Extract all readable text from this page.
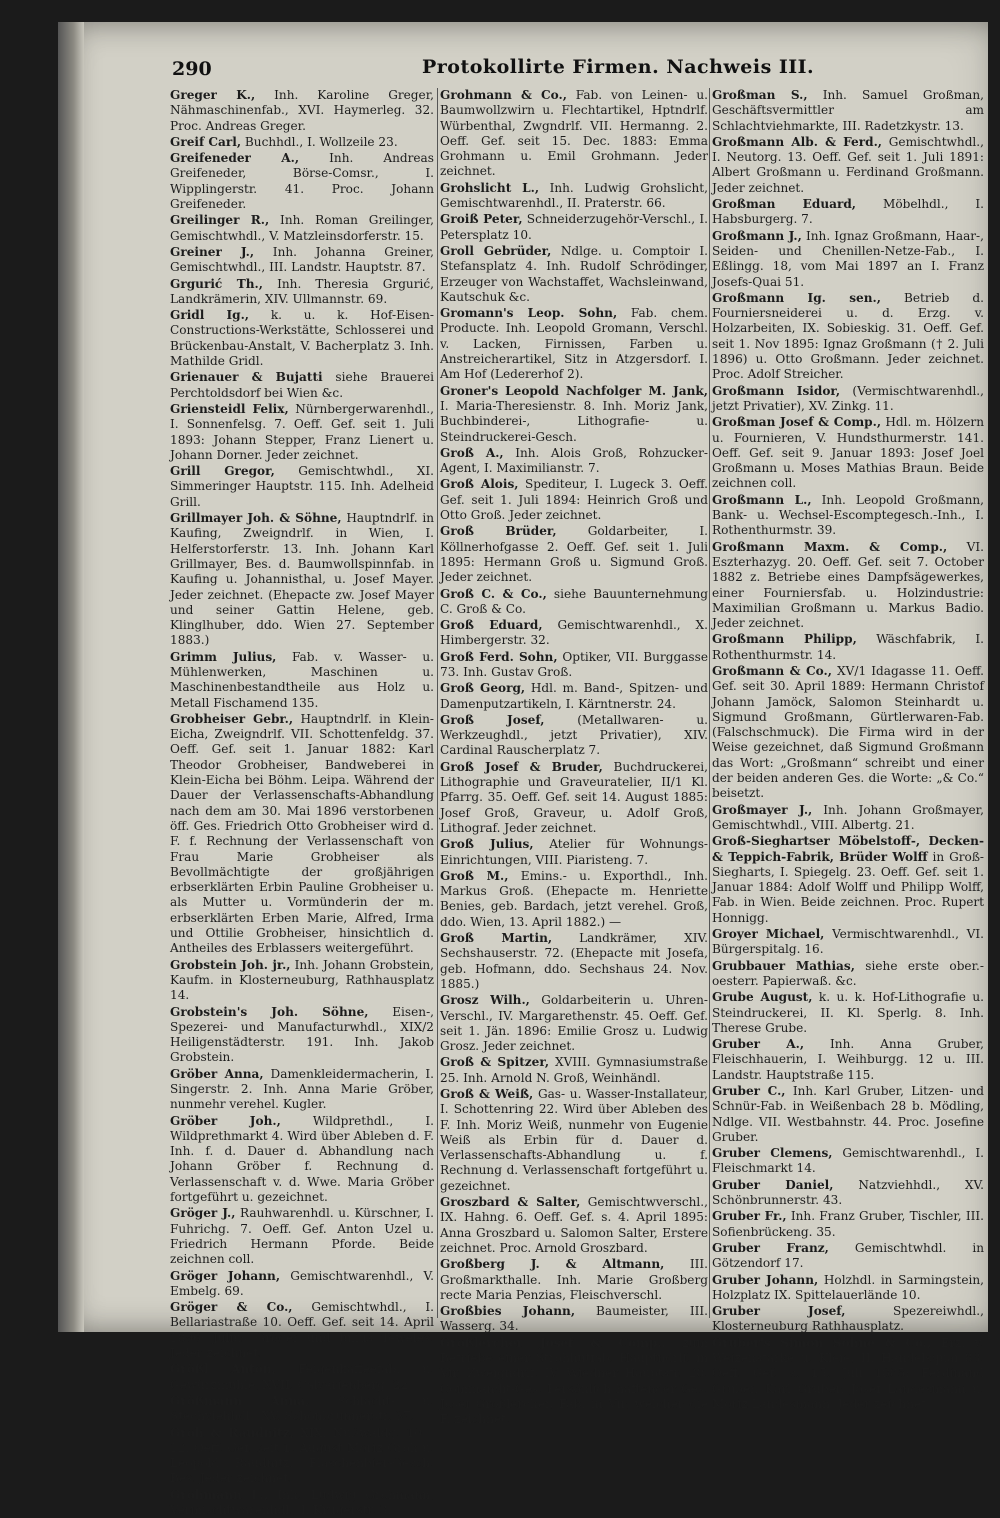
290	Protokollirte Firmen. Nachweis III.

Greger K., Inh. Karoline Greger, Nähmaschinenfab., XVI. Haymerleg. 32. Proc. Andreas Greger.

Greif Carl, Buchhdl., I. Wollzeile 23.

Greifeneder A., Inh. Andreas Greifeneder, Börse-Comsr., I. Wipplingerstr. 41. Proc. Johann Greifeneder.

Greilinger R., Inh. Roman Greilinger, Gemischtwhdl., V. Matzleinsdorferstr. 15.

Greiner J., Inh. Johanna Greiner, Gemischtwhdl., III. Landstr. Hauptstr. 87.

Grgurić Th., Inh. Theresia Grgurić, Landkrämerin, XIV. Ullmannstr. 69.

Gridl Ig., k. u. k. Hof-Eisen-Constructions-Werkstätte, Schlosserei und Brückenbau-Anstalt, V. Bacherplatz 3. Inh. Mathilde Gridl.

Grienauer & Bujatti siehe Brauerei Perchtoldsdorf bei Wien &c.

Griensteidl Felix, Nürnbergerwarenhdl., I. Sonnenfelsg. 7. Oeff. Gef. seit 1. Juli 1893: Johann Stepper, Franz Lienert u. Johann Dorner. Jeder zeichnet.

Grill Gregor, Gemischtwhdl., XI. Simmeringer Hauptstr. 115. Inh. Adelheid Grill.

Grillmayer Joh. & Söhne, Hauptndrlf. in Kaufing, Zweigndrlf. in Wien, I. Helferstorferstr. 13. Inh. Johann Karl Grillmayer, Bes. d. Baumwollspinnfab. in Kaufing u. Johannisthal, u. Josef Mayer. Jeder zeichnet. (Ehepacte zw. Josef Mayer und seiner Gattin Helene, geb. Klinglhuber, ddo. Wien 27. September 1883.)

Grimm Julius, Fab. v. Wasser- u. Mühlenwerken, Maschinen u. Maschinenbestandtheile aus Holz u. Metall Fischamend 135.

Grobheiser Gebr., Hauptndrlf. in Klein-Eicha, Zweigndrlf. VII. Schottenfeldg. 37. Oeff. Gef. seit 1. Januar 1882: Karl Theodor Grobheiser, Bandweberei in Klein-Eicha bei Böhm. Leipa. Während der Dauer der Verlassenschafts-Abhandlung nach dem am 30. Mai 1896 verstorbenen öff. Ges. Friedrich Otto Grobheiser wird d. F. f. Rechnung der Verlassenschaft von Frau Marie Grobheiser als Bevollmächtigte der großjährigen erbserklärten Erbin Pauline Grobheiser u. als Mutter u. Vormünderin der m. erbserklärten Erben Marie, Alfred, Irma und Ottilie Grobheiser, hinsichtlich d. Antheiles des Erblassers weitergeführt.

Grobstein Joh. jr., Inh. Johann Grobstein, Kaufm. in Klosterneuburg, Rathhausplatz 14.

Grobstein's Joh. Söhne, Eisen-, Spezerei- und Manufacturwhdl., XIX/2 Heiligenstädterstr. 191. Inh. Jakob Grobstein.

Gröber Anna, Damenkleidermacherin, I. Singerstr. 2. Inh. Anna Marie Gröber, nunmehr verehel. Kugler.

Gröber Joh.,	Wildprethdl., I. Wildprethmarkt 4. Wird über Ableben d. F. Inh. f. d. Dauer d. Abhandlung nach Johann Gröber f. Rechnung d. Verlassenschaft v. d. Wwe. Maria Gröber fortgeführt u. gezeichnet.

Gröger J., Rauhwarenhdl. u. Kürschner, I. Fuhrichg. 7. Oeff. Gef. Anton Uzel u. Friedrich Hermann Pforde. Beide zeichnen coll.

Gröger Johann, Gemischtwarenhdl., V. Embelg. 69.

Gröger & Co., Gemischtwhdl., I. Bellariastraße 10. Oeff. Gef. seit 14. April 1896: Julius Gröger und Julius Teweles. Jeder zeichnet.

Größl Anton, Feigenkaffeefab. u. Gewürzmühle, XVII. Calvarienberg. 22.

Größmann Anna, Schlacht- u. Stechviehhdl., XV. Schönbrunnerstr. 37.

Groh & Raudnitz, XIX. Nußwaldg. 10—12. Oeff. Gef. seit 1. August Moriz Groh u. Leopold Raudnitz, Flaschenbier-Gesch. Bes. Jeder zeichnet.

Grohmann L., Inh. Ludwig Grohmann, Vermischtwarenhdl., I. Krugerstr. 3.

Grohmann & Co., Fab. von Leinen- u. Baumwollzwirn u. Flechtartikel, Hptndrlf. Würbenthal, Zwgndrlf. VII. Hermanng. 2. Oeff. Gef. seit 15. Dec. 1883: Emma Grohmann u. Emil Grohmann. Jeder zeichnet.

Grohslicht L., Inh. Ludwig Grohslicht, Gemischtwarenhdl., II. Praterstr. 66.

Groiß Peter, Schneiderzugehör-Verschl., I. Petersplatz 10.

Groll Gebrüder, Ndlge. u. Comptoir I. Stefansplatz 4. Inh. Rudolf Schrödinger, Erzeuger von Wachstaffet, Wachsleinwand, Kautschuk &c.

Gromann's Leop. Sohn, Fab. chem. Producte. Inh. Leopold Gromann, Verschl. v. Lacken, Firnissen, Farben u. Anstreicherartikel, Sitz in Atzgersdorf. I. Am Hof (Ledererhof 2).

Groner's Leopold Nachfolger M. Jank, I. Maria-Theresienstr. 8. Inh. Moriz Jank, Buchbinderei-, Lithografie- u. Steindruckerei-Gesch.

Groß A., Inh. Alois Groß, Rohzucker-Agent, I. Maximilianstr. 7.

Groß Alois, Spediteur, I. Lugeck 3. Oeff. Gef. seit 1. Juli 1894: Heinrich Groß und Otto Groß. Jeder zeichnet.

Groß Brüder,	Goldarbeiter, I. Köllnerhofgasse 2. Oeff. Gef. seit 1. Juli 1895: Hermann Groß u. Sigmund Groß. Jeder zeichnet.

Groß C. & Co., siehe Bauunternehmung C. Groß & Co.

Groß Eduard, Gemischtwarenhdl., X. Himbergerstr. 32.

Groß Ferd. Sohn, Optiker, VII. Burggasse 73. Inh. Gustav Groß.

Groß Georg, Hdl. m. Band-, Spitzen- und Damenputzartikeln, I. Kärntnerstr. 24.

Groß Josef,	(Metallwaren- u. Werkzeughdl., jetzt Privatier), XIV. Cardinal Rauscherplatz 7.

Groß Josef & Bruder, Buchdruckerei, Lithographie und Graveuratelier, II/1 Kl. Pfarrg. 35. Oeff. Gef. seit 14. August 1885: Josef Groß, Graveur, u. Adolf Groß, Lithograf. Jeder zeichnet.

Groß Julius, Atelier für Wohnungs-Einrichtungen, VIII. Piaristeng. 7.

Groß M., Emins.- u. Exporthdl., Inh. Markus Groß. (Ehepacte m. Henriette Benies, geb. Bardach, jetzt verehel. Groß, ddo. Wien, 13. April 1882.) —

Groß Martin, Landkrämer, XIV. Sechshauserstr. 72. (Ehepacte mit Josefa, geb. Hofmann, ddo. Sechshaus 24. Nov. 1885.)

Grosz Wilh., Goldarbeiterin u. Uhren-Verschl., IV. Margarethenstr. 45. Oeff. Gef. seit 1. Jän. 1896: Emilie Grosz u. Ludwig Grosz. Jeder zeichnet.

Groß & Spitzer, XVIII. Gymnasiumstraße 25. Inh. Arnold N. Groß, Weinhändl.

Groß & Weiß, Gas- u. Wasser-Installateur, I. Schottenring 22. Wird über Ableben des F. Inh. Moriz Weiß, nunmehr von Eugenie Weiß als Erbin für d. Dauer d. Verlassenschafts-Abhandlung u. f. Rechnung d. Verlassenschaft fortgeführt u. gezeichnet.

Groszbard & Salter, Gemischtwverschl., IX. Hahng. 6. Oeff. Gef. s. 4. April 1895: Anna Groszbard u. Salomon Salter, Erstere zeichnet. Proc. Arnold Groszbard.

Großberg J. & Altmann, III. Großmarkthalle. Inh. Marie Großberg recte Maria Penzias, Fleischverschl.

Großbies Johann, Baumeister, III. Wasserg. 34.

Großlercher Josef & Comp., zum Betriebe einer Strohhutfab. Hauptndrlf. in Vir, Zweigndrlf. IV. Wiedner Hauptstr. 20. Commandit-Ges. Persönlich haftender Ges. Josef Großlercher, Fab. in Vir, welcher die F. zeichnet.

Großman S., Inh. Samuel Großman, Geschäftsvermittler am Schlachtviehmarkte, III. Radetzkystr. 13.

Großmann Alb. & Ferd., Gemischtwhdl., I. Neutorg. 13. Oeff. Gef. seit 1. Juli 1891: Albert Großmann u. Ferdinand Großmann. Jeder zeichnet.

Großman Eduard, Möbelhdl., I. Habsburgerg. 7.

Großmann J., Inh. Ignaz Großmann, Haar-, Seiden- und Chenillen-Netze-Fab., I. Eßlingg. 18, vom Mai 1897 an I. Franz Josefs-Quai 51.

Großmann Ig. sen., Betrieb d. Fourniersneiderei u. d. Erzg. v. Holzarbeiten, IX. Sobieskig. 31. Oeff. Gef. seit 1. Nov 1895: Ignaz Großmann († 2. Juli 1896) u. Otto Großmann. Jeder zeichnet. Proc. Adolf Streicher.

Großmann Isidor, (Vermischtwarenhdl., jetzt Privatier), XV. Zinkg. 11.

Großman Josef & Comp., Hdl. m. Hölzern u. Fournieren, V. Hundsthurmerstr. 141. Oeff. Gef. seit 9. Januar 1893: Josef Joel Großmann u. Moses Mathias Braun. Beide zeichnen coll.

Großmann L., Inh. Leopold Großmann, Bank- u. Wechsel-Escomptegesch.-Inh., I. Rothenthurmstr. 39.

Großmann Maxm. & Comp., VI. Eszterhazyg. 20. Oeff. Gef. seit 7. October 1882 z. Betriebe eines Dampfsägewerkes, einer Fourniersfab. u. Holzindustrie: Maximilian Großmann u. Markus Badio. Jeder zeichnet.

Großmann Philipp, Wäschfabrik, I. Rothenthurmstr. 14.

Großmann & Co., XV/1 Idagasse 11. Oeff. Gef. seit 30. April 1889: Hermann Christof Johann Jamöck, Salomon Steinhardt u. Sigmund Großmann, Gürtlerwaren-Fab. (Falschschmuck). Die Firma wird in der Weise gezeichnet, daß Sigmund Großmann das Wort: „Großmann“ schreibt und einer der beiden anderen Ges. die Worte: „& Co.“ beisetzt.

Großmayer J., Inh. Johann Großmayer, Gemischtwhdl., VIII. Albertg. 21.

Groß-Sieghartser Möbelstoff-, Decken- & Teppich-Fabrik, Brüder Wolff in Groß-Siegharts, I. Spiegelg. 23. Oeff. Gef. seit 1. Januar 1884: Adolf Wolff und Philipp Wolff, Fab. in Wien. Beide zeichnen. Proc. Rupert Honnigg.

Groyer Michael, Vermischtwarenhdl., VI. Bürgerspitalg. 16.

Grubbauer Mathias, siehe erste ober.-oesterr. Papierwaß. &c.

Grube August, k. u. k. Hof-Lithografie u. Steindruckerei, II. Kl. Sperlg. 8. Inh. Therese Grube.

Gruber A., Inh. Anna Gruber, Fleischhauerin, I. Weihburgg. 12 u. III. Landstr. Hauptstraße 115.

Gruber C., Inh. Karl Gruber, Litzen- und Schnür-Fab. in Weißenbach 28 b. Mödling, Ndlge. VII. Westbahnstr. 44. Proc. Josefine Gruber.

Gruber Clemens, Gemischtwarenhdl., I. Fleischmarkt 14.

Gruber Daniel, Natzviehhdl., XV. Schönbrunnerstr. 43.

Gruber Fr., Inh. Franz Gruber, Tischler, III. Sofienbrückeng. 35.

Gruber Franz, Gemischtwhdl. in Götzendorf 17.

Gruber Johann, Holzhdl. in Sarmingstein, Holzplatz IX. Spittelauerlände 10.

Gruber Josef,	Spezereiwhdl., Klosterneuburg Rathhausplatz.

Gruber's Simon Söhne & Co., Erz. v. Weizenstärke u. Kleie, II. Handelsquai 88. Oeff. Gef. s. 15. Juli 1885: Ferdinand Gruber, Karl Gruber, Josef Landesmann u. Moriz Landesmann. Jeder zeichnet.
